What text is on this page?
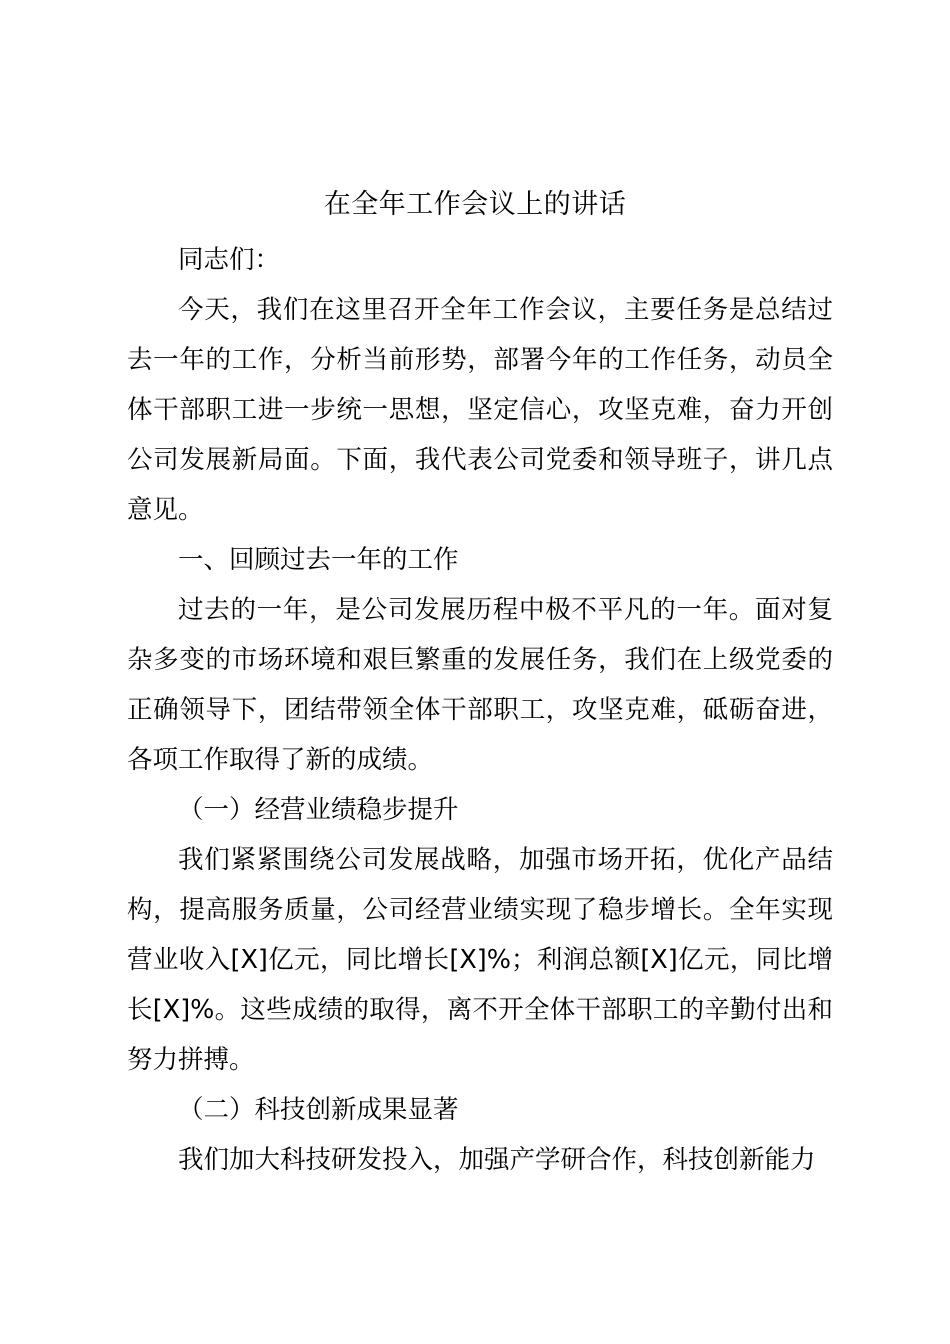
在全年工作会议上的讲话

同志们：

今天，我们在这里召开全年工作会议，主要任务是总结过去一年的工作，分析当前形势，部署今年的工作任务，动员全体干部职工进一步统一思想，坚定信心，攻坚克难，奋力开创公司发展新局面。下面，我代表公司党委和领导班子，讲几点意见。

一、回顾过去一年的工作

过去的一年，是公司发展历程中极不平凡的一年。面对复杂多变的市场环境和艰巨繁重的发展任务，我们在上级党委的正确领导下，团结带领全体干部职工，攻坚克难，砥砺奋进，各项工作取得了新的成绩。

（一）经营业绩稳步提升

我们紧紧围绕公司发展战略，加强市场开拓，优化产品结构，提高服务质量，公司经营业绩实现了稳步增长。全年实现营业收入[X]亿元，同比增长[X]%；利润总额[X]亿元，同比增长[X]%。这些成绩的取得，离不开全体干部职工的辛勤付出和努力拼搏。

（二）科技创新成果显著

我们加大科技研发投入，加强产学研合作，科技创新能力
